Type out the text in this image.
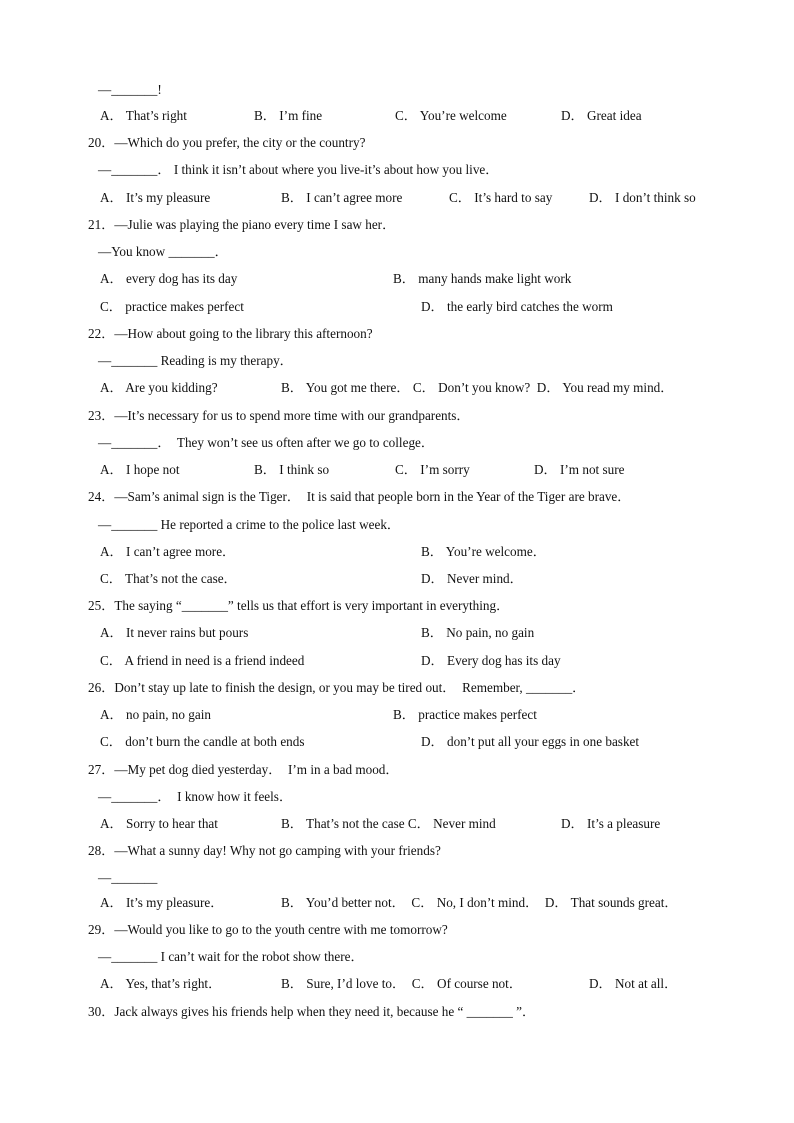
—_______!
A． That’s right	B． I’m fine	C． You’re welcome	D． Great idea
20．—Which do you prefer, the city or the country?
—_______． I think it isn’t about where you live-it’s about how you live．
A． It’s my pleasure	B． I can’t agree more	C． It’s hard to say	D． I don’t think so
21．—Julie was playing the piano every time I saw her．
—You know _______．
A． every dog has its day	B． many hands make light work
C． practice makes perfect	D． the early bird catches the worm
22．—How about going to the library this afternoon?
—_______ Reading is my therapy．
A． Are you kidding?	B． You got me there． C． Don’t you know?  D． You read my mind．
23．—It’s necessary for us to spend more time with our grandparents．
—_______．  They won’t see us often after we go to college．
A． I hope not	B． I think so	C． I’m sorry	D． I’m not sure
24．—Sam’s animal sign is the Tiger．  It is said that people born in the Year of the Tiger are brave．
—_______ He reported a crime to the police last week．
A． I can’t agree more．	B． You’re welcome．
C． That’s not the case．	D． Never mind．
25．The saying “_______” tells us that effort is very important in everything．
A． It never rains but pours	B． No pain, no gain
C． A friend in need is a friend indeed	D． Every dog has its day
26．Don’t stay up late to finish the design, or you may be tired out．  Remember, _______．
A． no pain, no gain	B． practice makes perfect
C． don’t burn the candle at both ends	D． don’t put all your eggs in one basket
27．—My pet dog died yesterday．  I’m in a bad mood．
—_______．  I know how it feels．
A． Sorry to hear that	B． That’s not the case C． Never mind	D． It’s a pleasure
28．—What a sunny day! Why not go camping with your friends?
—_______
A． It’s my pleasure．	B． You’d better not．  C． No, I don’t mind．  D． That sounds great．
29．—Would you like to go to the youth centre with me tomorrow?
—_______ I can’t wait for the robot show there．
A． Yes, that’s right．	B． Sure, I’d love to．  C． Of course not．	D． Not at all．
30．Jack always gives his friends help when they need it, because he “ _______ ”．
